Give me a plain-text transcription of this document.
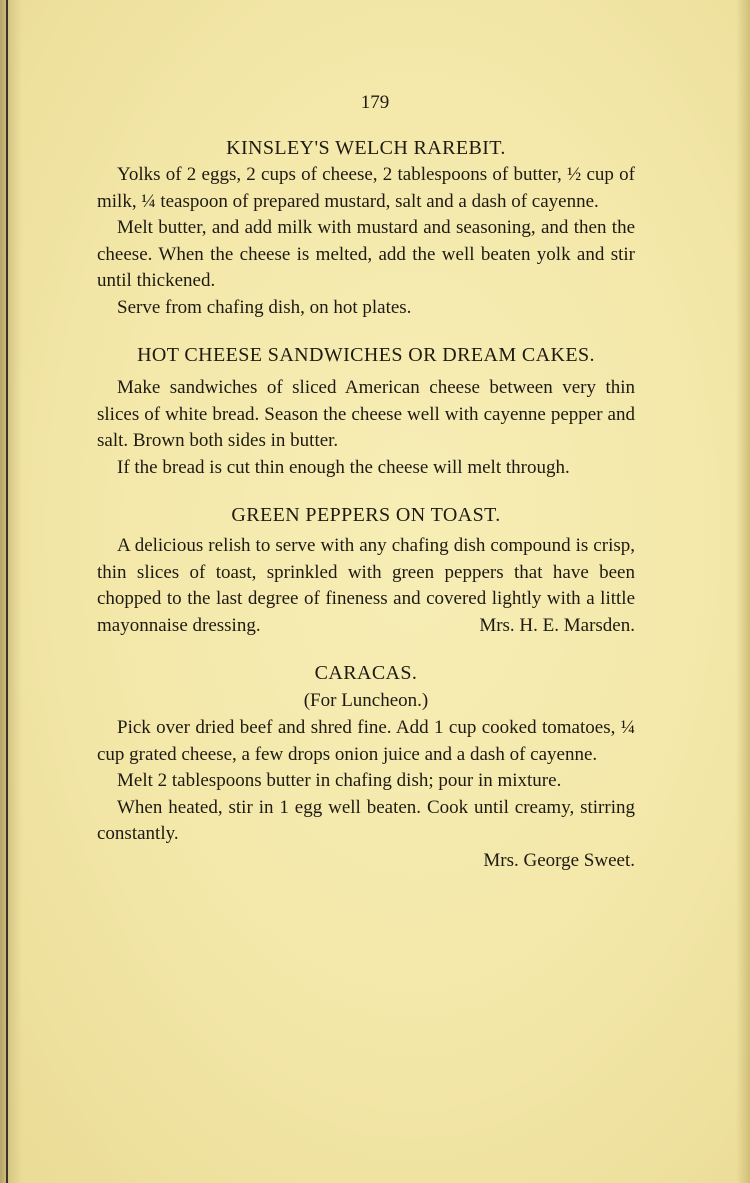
179
KINSLEY'S WELCH RAREBIT.

Yolks of 2 eggs, 2 cups of cheese, 2 tablespoons of butter, ½ cup of milk, ¼ teaspoon of prepared mustard, salt and a dash of cayenne.

Melt butter, and add milk with mustard and seasoning, and then the cheese. When the cheese is melted, add the well beaten yolk and stir until thickened.

Serve from chafing dish, on hot plates.

HOT CHEESE SANDWICHES OR DREAM CAKES.

Make sandwiches of sliced American cheese between very thin slices of white bread. Season the cheese well with cayenne pepper and salt. Brown both sides in butter.

If the bread is cut thin enough the cheese will melt through.

GREEN PEPPERS ON TOAST.

A delicious relish to serve with any chafing dish compound is crisp, thin slices of toast, sprinkled with green peppers that have been chopped to the last degree of fineness and covered lightly with a little mayonnaise dressing.	Mrs. H. E. Marsden.

CARACAS.
(For Luncheon.)

Pick over dried beef and shred fine. Add 1 cup cooked tomatoes, ¼ cup grated cheese, a few drops onion juice and a dash of cayenne.

Melt 2 tablespoons butter in chafing dish; pour in mixture.

When heated, stir in 1 egg well beaten. Cook until creamy, stirring constantly.

Mrs. George Sweet.
